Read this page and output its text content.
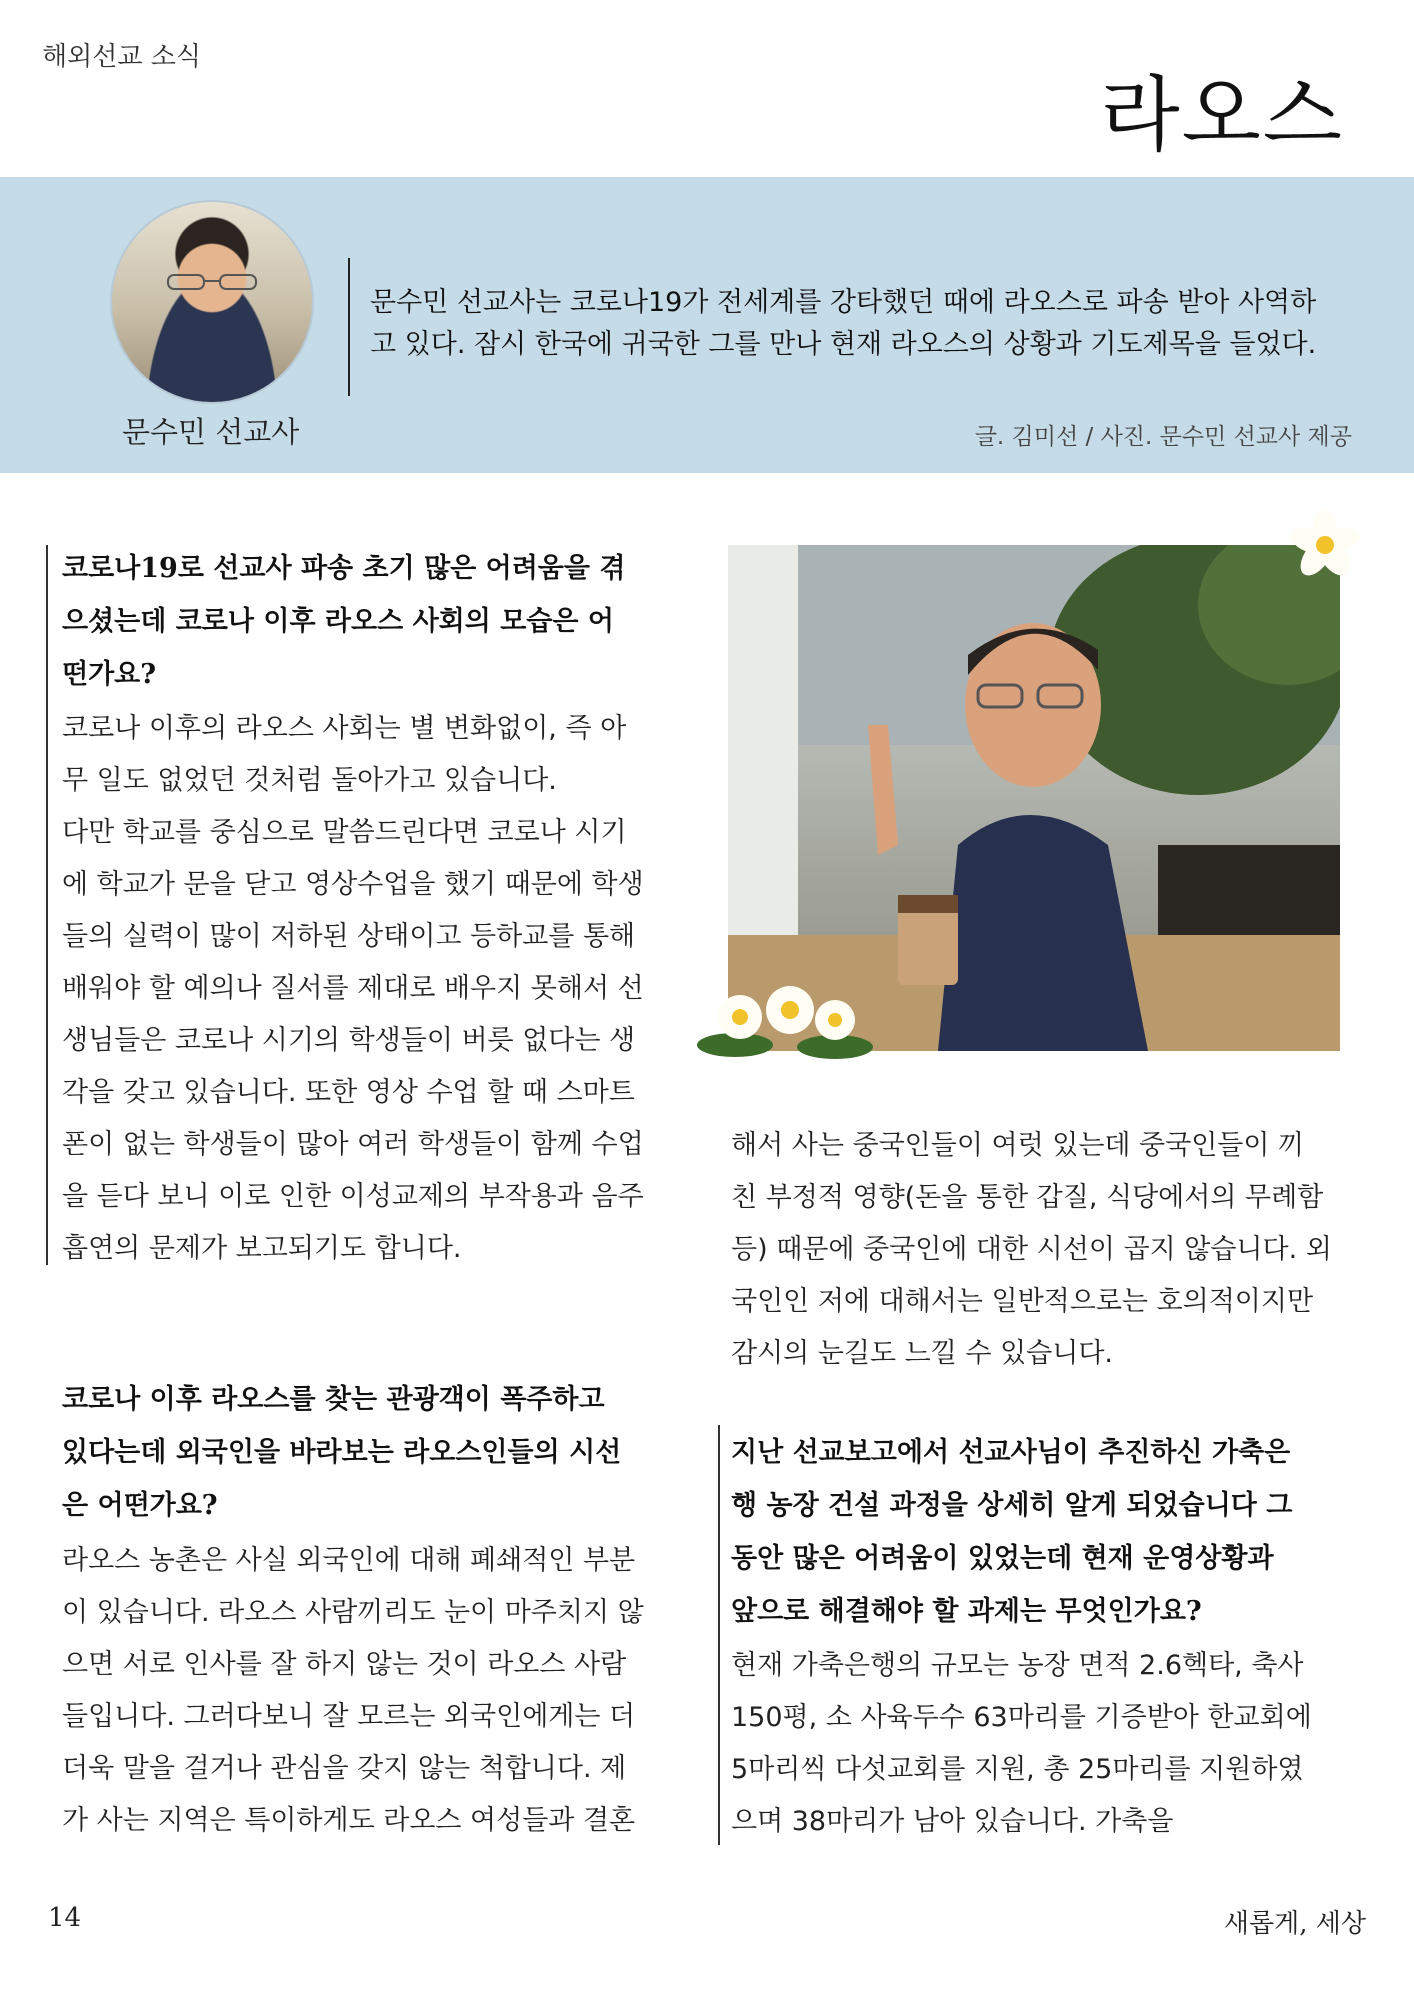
해외선교 소식
라오스
문수민 선교사
문수민 선교사는 코로나19가 전세계를 강타했던 때에 라오스로 파송 받아 사역하
고 있다. 잠시 한국에 귀국한 그를 만나 현재 라오스의 상황과 기도제목을 들었다.
글. 김미선 / 사진. 문수민 선교사 제공
코로나19로 선교사 파송 초기 많은 어려움을 겪
으셨는데 코로나 이후 라오스 사회의 모습은 어
떤가요?
코로나 이후의 라오스 사회는 별 변화없이, 즉 아
무 일도 없었던 것처럼 돌아가고 있습니다.
다만 학교를 중심으로 말씀드린다면 코로나 시기
에 학교가 문을 닫고 영상수업을 했기 때문에 학생
들의 실력이 많이 저하된 상태이고 등하교를 통해
배워야 할 예의나 질서를 제대로 배우지 못해서 선
생님들은 코로나 시기의 학생들이 버릇 없다는 생
각을 갖고 있습니다. 또한 영상 수업 할 때 스마트
폰이 없는 학생들이 많아 여러 학생들이 함께 수업
을 듣다 보니 이로 인한 이성교제의 부작용과 음주
흡연의 문제가 보고되기도 합니다.
코로나 이후 라오스를 찾는 관광객이 폭주하고
있다는데 외국인을 바라보는 라오스인들의 시선
은 어떤가요?
라오스 농촌은 사실 외국인에 대해 폐쇄적인 부분
이 있습니다. 라오스 사람끼리도 눈이 마주치지 않
으면 서로 인사를 잘 하지 않는 것이 라오스 사람
들입니다. 그러다보니 잘 모르는 외국인에게는 더
더욱 말을 걸거나 관심을 갖지 않는 척합니다. 제
가 사는 지역은 특이하게도 라오스 여성들과 결혼
해서 사는 중국인들이 여럿 있는데 중국인들이 끼
친 부정적 영향(돈을 통한 갑질, 식당에서의 무례함
등) 때문에 중국인에 대한 시선이 곱지 않습니다. 외
국인인 저에 대해서는 일반적으로는 호의적이지만
감시의 눈길도 느낄 수 있습니다.
지난 선교보고에서 선교사님이 추진하신 가축은
행 농장 건설 과정을 상세히 알게 되었습니다 그
동안 많은 어려움이 있었는데 현재 운영상황과
앞으로 해결해야 할 과제는 무엇인가요?
현재 가축은행의 규모는 농장 면적 2.6헥타, 축사
150평, 소 사육두수 63마리를 기증받아 한교회에
5마리씩 다섯교회를 지원, 총 25마리를 지원하였
으며 38마리가 남아 있습니다. 가축을
14	새롭게, 세상
